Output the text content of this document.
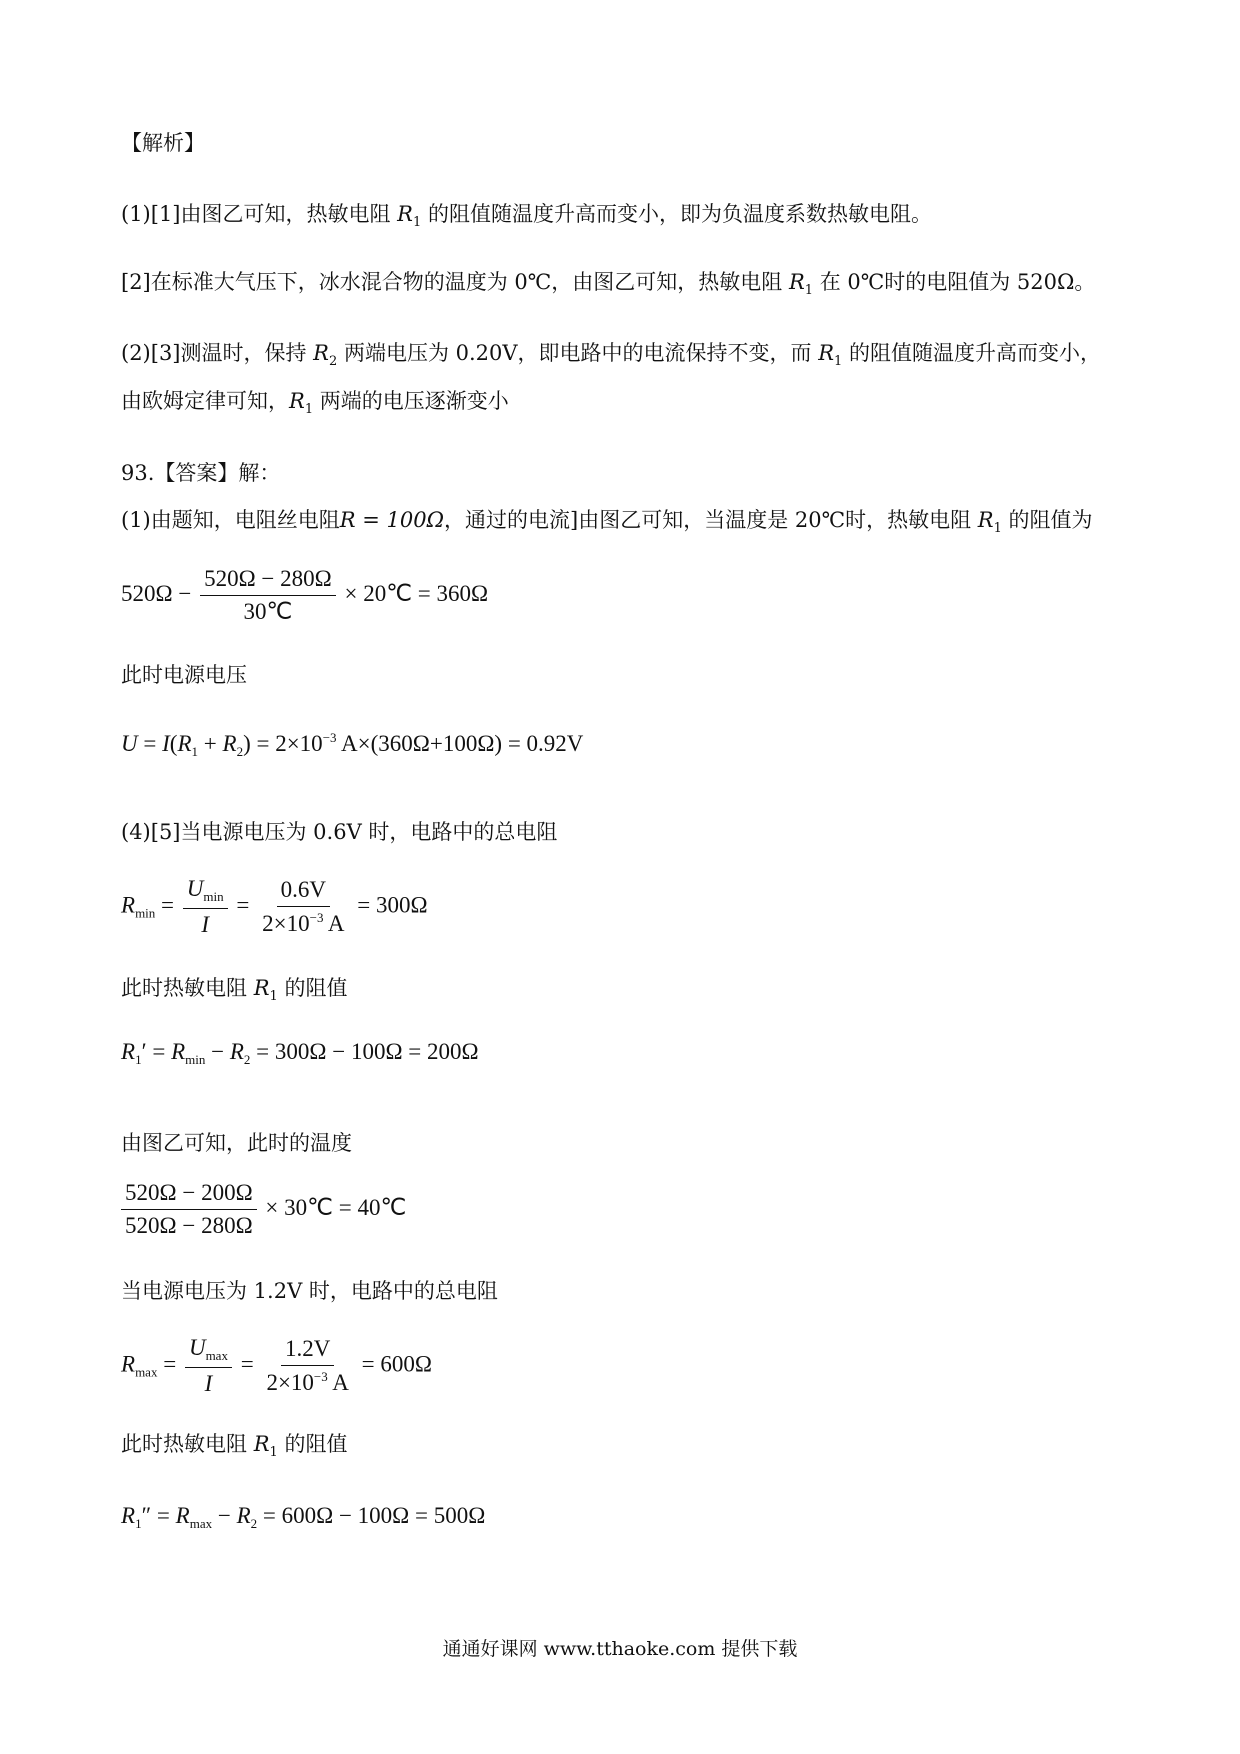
【解析】
(1)[1]由图乙可知，热敏电阻 $R_1$ 的阻值随温度升高而变小，即为负温度系数热敏电阻。
[2]在标准大气压下，冰水混合物的温度为 0℃，由图乙可知，热敏电阻 $R_1$ 在 0℃时的电阻值为 520Ω。
(2)[3]测温时，保持 $R_2$ 两端电压为 0.20V，即电路中的电流保持不变，而 $R_1$ 的阻值随温度升高而变小，
由欧姆定律可知，$R_1$ 两端的电压逐渐变小
93.【答案】解：
(1)由题知，电阻丝电阻R = 100Ω，通过的电流]由图乙可知，当温度是 20℃时，热敏电阻 $R_1$ 的阻值为
$520\Omega - \frac{520\Omega - 280\Omega}{30℃}$ × 20℃ = 360Ω
此时电源电压
$U = I(R_1 + R_2) = 2\times 10^{-3}$ A×(360Ω+100Ω) = 0.92V
(4)[5]当电源电压为 0.6V 时，电路中的总电阻
$R_{min} = \frac{U_{min}}{I} = \frac{0.6V}{2\times 10^{-3} A} = 300\Omega$
此时热敏电阻 $R_1$ 的阻值
$R_1' = R_{min} - R_2 = 300\Omega - 100\Omega = 200\Omega$
由图乙可知，此时的温度
$\frac{520\Omega - 200\Omega}{520\Omega - 280\Omega}$ × 30℃ = 40℃
当电源电压为 1.2V 时，电路中的总电阻
$R_{max} = \frac{U_{max}}{I} = \frac{1.2V}{2\times 10^{-3} A} = 600\Omega$
此时热敏电阻 $R_1$ 的阻值
$R_1'' = R_{max} - R_2 = 600\Omega - 100\Omega = 500\Omega$
通通好课网 www.tthaoke.com 提供下载
